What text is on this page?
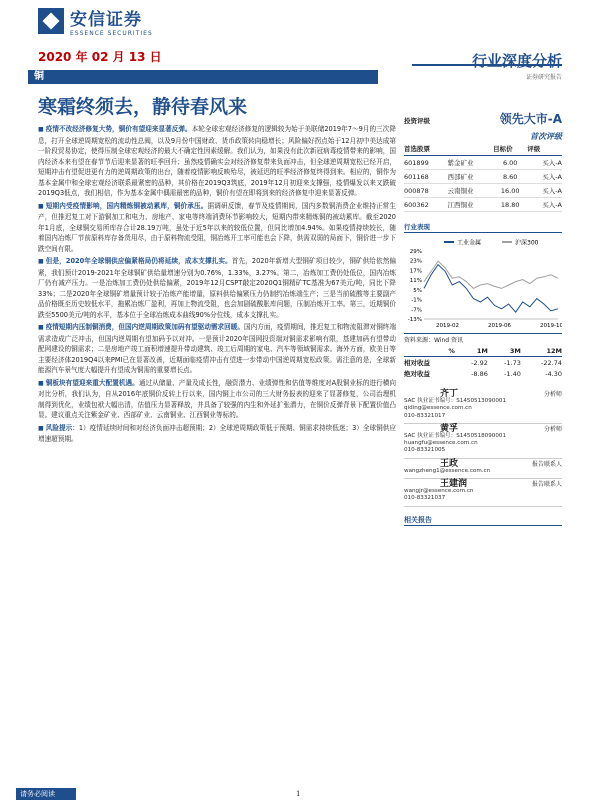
安信证券
ESSENCE SECURITIES
2020 年 02 月 13 日	行业深度分析
铜	证券研究报告
寒霜终须去，静待春风来
■ 疫情不改经济修复大势，铜价有望迎来显著反弹。本轮全球宏观经济修复的逻辑较为始于美联储2019年7～9月的三次降息，打开全球逆周期宽松的流动性总阀，以及9月份中国财政、货币政策转向稳增长；风险偏好拐点始于12月初中美达成第一阶段贸易协定，使得压制全球宏观经济的最大不确定性因素缓解。我们认为，如果没有此次新冠病毒疫情带来的影响，国内经济本来有望在春节节后迎来显著的旺季回升；虽然疫情确实会对经济修复带来负面冲击，但全球逆周期宽松已经开启，短期冲击有望促进更有力的逆周期政策的出台，随着疫情影响反映殆尽，被延迟的旺季经济修复终得到来。相应的，铜作为基本金属中和全球宏观经济联系最紧密的品种，其价格在2019Q3筑底，2019年12月初迎来支撑强，疫情爆发以来又跌破2019Q3低点，我们相信，作为基本金属中偶需最密的品种，铜价有望在即将到来的经济修复中迎来显著反弹。
■ 短期内受疫情影响，国内精炼铜被动累库，铜价承压。据调研反馈，春节及疫情期间，国内多数铜消费企业维持正常生产，但推迟复工对下游铜加工和电力、房地产、家电等终端消费环节影响较大，短期内带来精炼铜的被动累库。截至2020年1月底，全球铜交易所库存合计28.19万吨，虽处于近5年以来的较低位置，但同比增加4.94%。如果疫情持续较长，随着国内冶炼厂节前原料库存备货用尽，由于原料物流受阻，铜冶炼开工率可能也会下降，供需双弱的局面下，铜价进一步下跌空间有限。
■ 但是，2020年全球铜供应偏紧格局仍将延续，成本支撑扎实。首先，2020年新增大型铜矿项目较少，铜矿供给依然偏紧，我们预计2019-2021年全球铜矿供给量增速分别为0.76%，1.33%，3.27%。第二，冶炼加工费仍处低位，国内冶炼厂仍有减产压力。一是冶炼加工费仍处供给偏紧，2019年12月CSPT敲定2020Q1铜精矿TC基准为67美元/吨，同比下降33%；二是2020年全球铜矿增量预计较于冶炼产能增量，原料供给偏紧压力仍制约冶炼端生产；三是当前硫酸等主要副产品价格既至历史较低水平，拖累冶炼厂盈利，再加上物流受阻，也会加剧硫酸胀库问题，压制冶炼开工率。第三，近期铜价跌至5500美元/吨的水平，基本位于全球冶炼成本曲线90%分位线，成本支撑扎实。
■ 疫情短期内压制铜消费，但国内逆周期政策加码有望驱动需求回暖。国内方面，疫情期间，推迟复工和物流阻滞对铜终端需求造成广泛冲击，但国内逆周期有望加码予以对冲。一是预计2020年国网投资端对铜需求影响有限，基建加码有望带动配网建设的铜需求；二是房地产竣工面积增速提升带动建筑、竣工后周期的家电、汽车等领域铜需求。海外方面，欧美日等主要经济体2019Q4以来PMI已在显著改善，近期面临疫情冲击有望进一步带动中国逆周期宽松政策。需注意的是，全球新能源汽车景气度大幅提升有望成为铜需的重要增长点。
■ 铜板块有望迎来重大配置机遇。通过从储量、产量及成长性，融资潜力、业绩弹性和估值等维度对A股铜业标的进行横向对比分析，我们认为，自从2016年底铜价反转上行以来，国内铜上市公司的三大财务报表的迎来了显著修复，公司治理机制得到优化，业绩包袱大幅出清，估值压力显著释放，并具备了较强的内生和外延扩张潜力，在铜价反弹背景下配置价值凸显。建议重点关注紫金矿业、西部矿业、云南铜业、江西铜业等标的。
■ 风险提示：1）疫情延续时间和对经济负面冲击超预期；2）全球逆周期政策低于预期、铜需求持续低迷；3）全球铜供应增速超预期。
投资评级	领先大市-A
首次评级
首选股票		目标价	评级
601899	紫金矿业	6.00	买入-A
601168	西部矿业	8.60	买入-A
000878	云南铜业	16.00	买入-A
600362	江西铜业	18.80	买入-A
行业表现
工业金属	沪深300
29%
23%
17%
11%
5%
-1%
-7%
-13%
2019-02	2019-06	2019-10
资料来源：Wind 资讯
%	1M	3M	12M
相对收益	-2.92	-1.73	-22.74
绝对收益	-8.86	-1.40	-4.30
齐丁	分析师
SAC 执业证书编号：S1450513090001
qiding@essence.com.cn
010-83321017
黄孚	分析师
SAC 执业证书编号：S1450518090001
huangfu@essence.com.cn
010-83321005
王政	报告联系人
wangzheng1@essence.com.cn
王建润	报告联系人
wangjr@essence.com.cn
010-83321037
相关报告
请务必阅读	1
